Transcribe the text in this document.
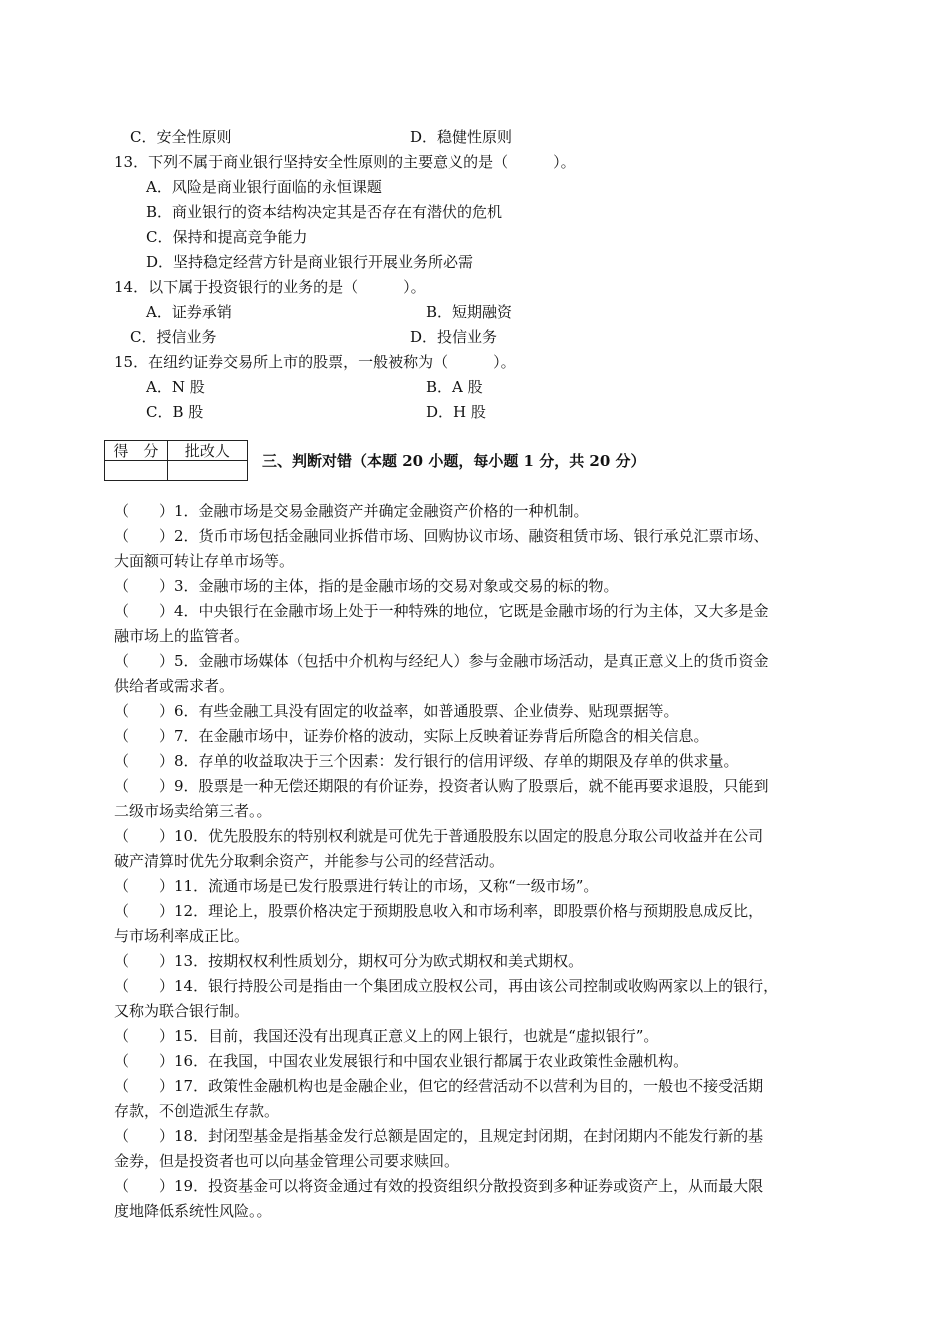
C．安全性原则	D．稳健性原则
13．下列不属于商业银行坚持安全性原则的主要意义的是（　　　）。
A．风险是商业银行面临的永恒课题
B．商业银行的资本结构决定其是否存在有潜伏的危机
C．保持和提高竞争能力
D．坚持稳定经营方针是商业银行开展业务所必需
14．以下属于投资银行的业务的是（　　　）。
A．证券承销	B．短期融资
C．授信业务	D．投信业务
15．在纽约证券交易所上市的股票，一般被称为（　　　）。
A．N 股	B．A 股
C．B 股	D．H 股
得　分	批改人

三、判断对错（本题 20 小题，每小题 1 分，共 20 分）
（　　）1．金融市场是交易金融资产并确定金融资产价格的一种机制。
（　　）2．货币市场包括金融同业拆借市场、回购协议市场、融资租赁市场、银行承兑汇票市场、
大面额可转让存单市场等。
（　　）3．金融市场的主体，指的是金融市场的交易对象或交易的标的物。
（　　）4．中央银行在金融市场上处于一种特殊的地位，它既是金融市场的行为主体，又大多是金
融市场上的监管者。
（　　）5．金融市场媒体（包括中介机构与经纪人）参与金融市场活动，是真正意义上的货币资金
供给者或需求者。
（　　）6．有些金融工具没有固定的收益率，如普通股票、企业债券、贴现票据等。
（　　）7．在金融市场中，证券价格的波动，实际上反映着证券背后所隐含的相关信息。
（　　）8．存单的收益取决于三个因素：发行银行的信用评级、存单的期限及存单的供求量。
（　　）9．股票是一种无偿还期限的有价证券，投资者认购了股票后，就不能再要求退股，只能到
二级市场卖给第三者。。
（　　）10．优先股股东的特别权利就是可优先于普通股股东以固定的股息分取公司收益并在公司
破产清算时优先分取剩余资产，并能参与公司的经营活动。
（　　）11．流通市场是已发行股票进行转让的市场，又称“一级市场”。
（　　）12．理论上，股票价格决定于预期股息收入和市场利率，即股票价格与预期股息成反比，
与市场利率成正比。
（　　）13．按期权权利性质划分，期权可分为欧式期权和美式期权。
（　　）14．银行持股公司是指由一个集团成立股权公司，再由该公司控制或收购两家以上的银行，
又称为联合银行制。
（　　）15．目前，我国还没有出现真正意义上的网上银行，也就是“虚拟银行”。
（　　）16．在我国，中国农业发展银行和中国农业银行都属于农业政策性金融机构。
（　　）17．政策性金融机构也是金融企业，但它的经营活动不以营利为目的，一般也不接受活期
存款，不创造派生存款。
（　　）18．封闭型基金是指基金发行总额是固定的，且规定封闭期，在封闭期内不能发行新的基
金券，但是投资者也可以向基金管理公司要求赎回。
（　　）19．投资基金可以将资金通过有效的投资组织分散投资到多种证券或资产上，从而最大限
度地降低系统性风险。。
